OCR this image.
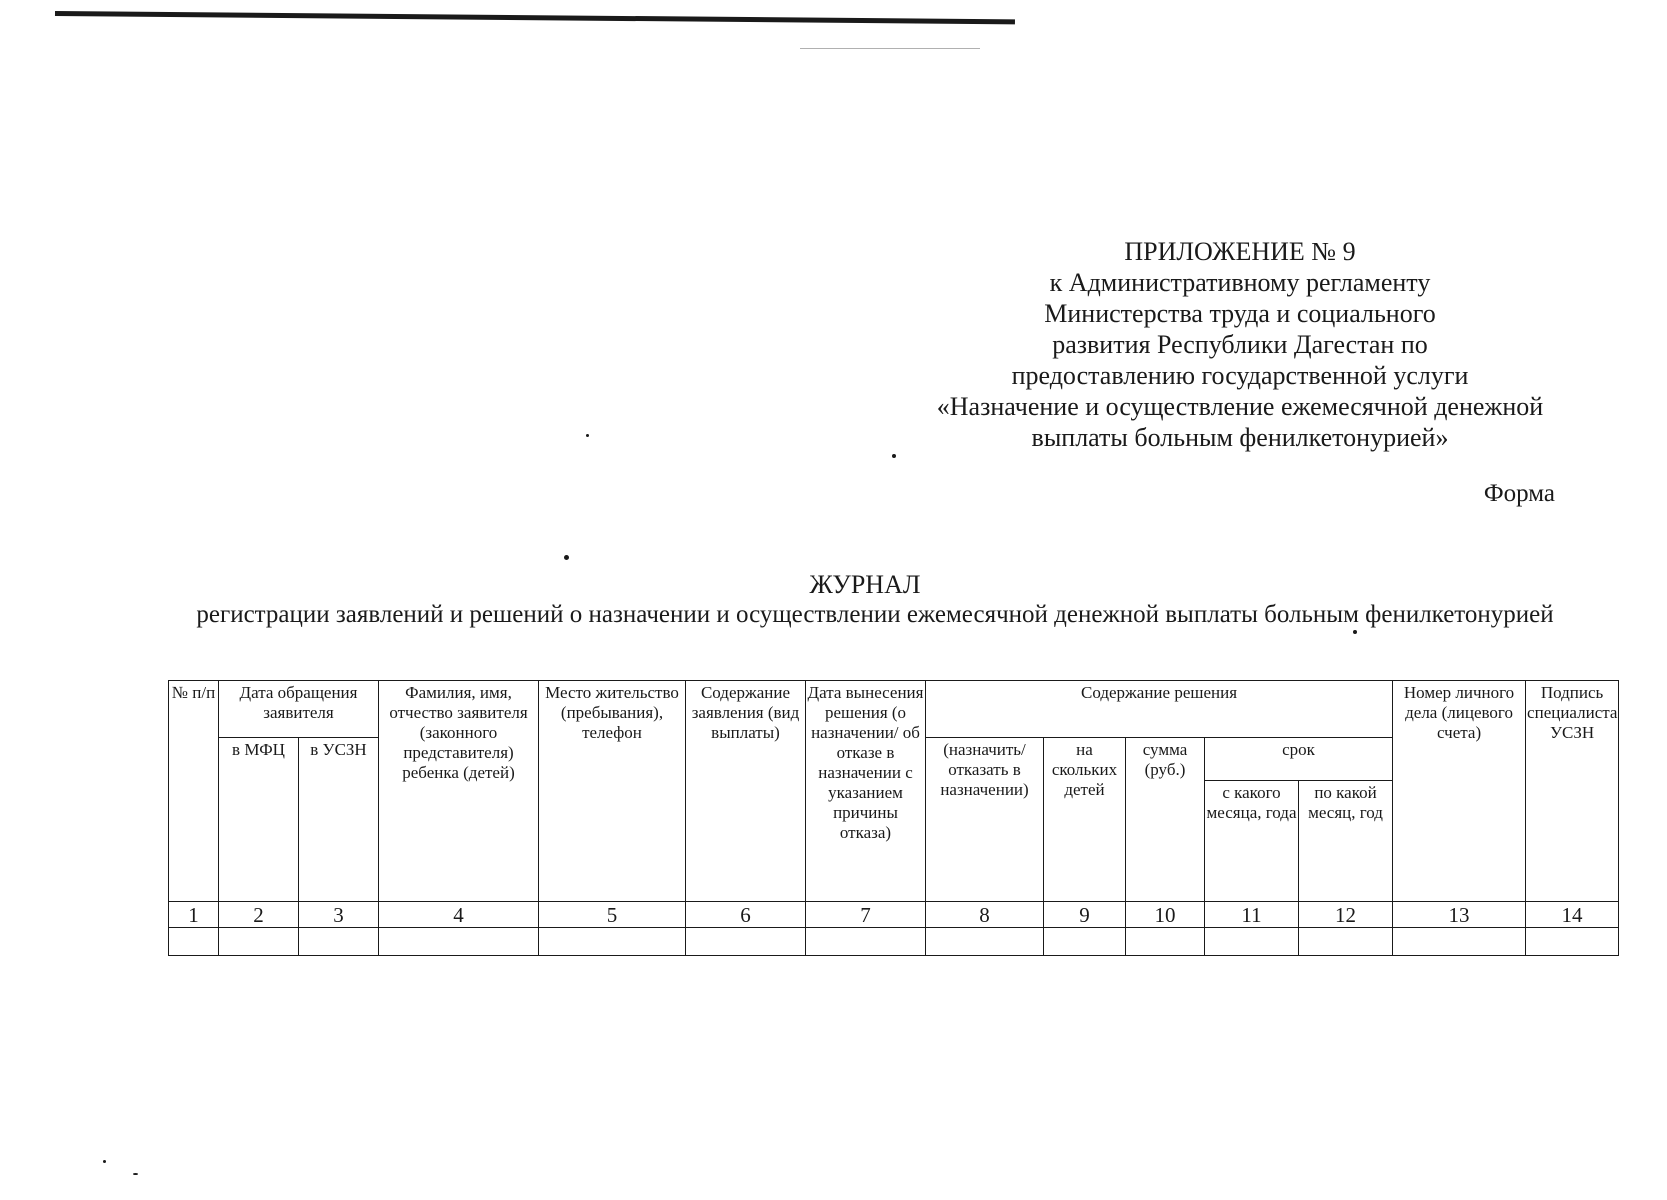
ПРИЛОЖЕНИЕ № 9
к Административному регламенту
Министерства труда и социального
развития Республики Дагестан по
предоставлению государственной услуги
«Назначение и осуществление ежемесячной денежной
выплаты больным фенилкетонурией»
Форма
ЖУРНАЛ
регистрации заявлений и решений о назначении и осуществлении ежемесячной денежной выплаты больным фенилкетонурией
№ п/п	Дата обращения заявителя		Фамилия, имя, отчество заявителя (законного представителя) ребенка (детей)	Место жительство (пребывания), телефон	Содержание заявления (вид выплаты)	Дата вынесения решения (о назначении/ об отказе в назначении с указанием причины отказа)	Содержание решения					Номер личного дела (лицевого счета)	Подпись специалиста УСЗН
	в МФЦ	в УСЗН					(назначить/ отказать в назначении)	на скольких детей	сумма (руб.)	срок			
										с какого месяца, года	по какой месяц, год		
1	2	3	4	5	6	7	8	9	10	11	12	13	14
